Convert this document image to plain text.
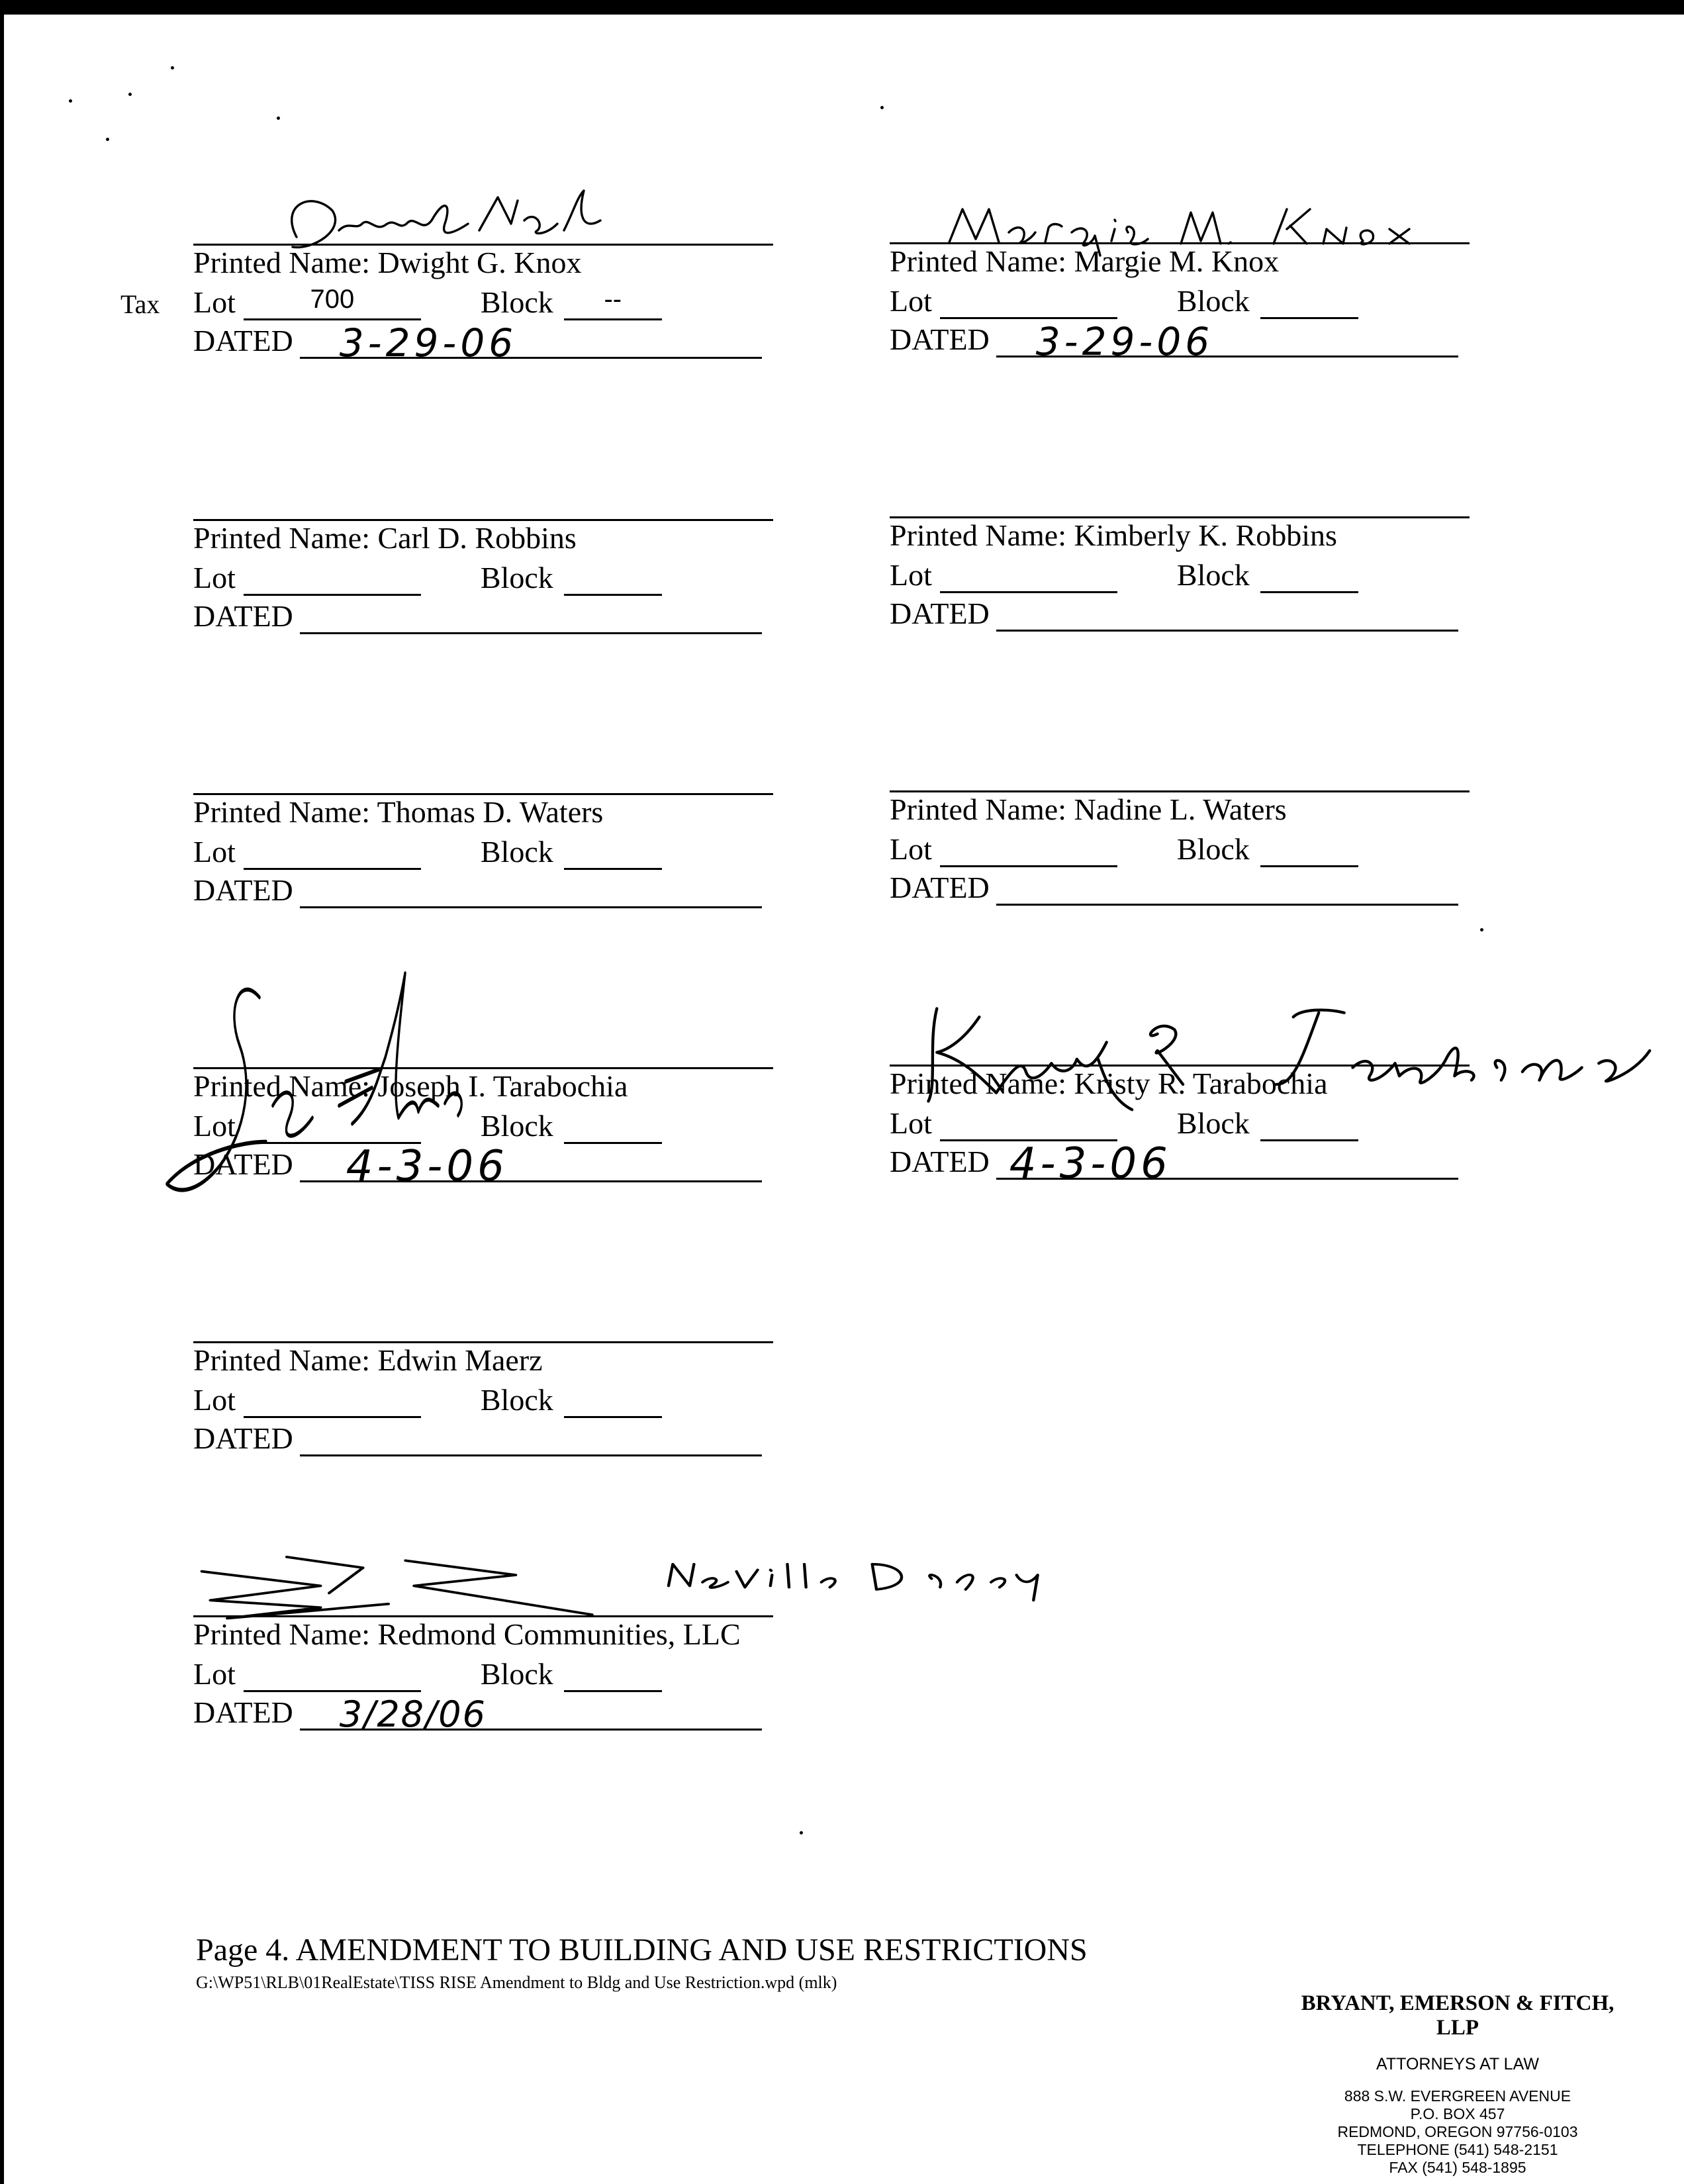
Tax
Printed Name: Dwight G. Knox
Lot	700	Block	--
DATED 3-29-06
Printed Name: Margie M. Knox
Lot	Block
DATED 3-29-06
Printed Name: Carl D. Robbins
Lot	Block
DATED
Printed Name: Kimberly K. Robbins
Lot	Block
DATED
Printed Name: Thomas D. Waters
Lot	Block
DATED
Printed Name: Nadine L. Waters
Lot	Block
DATED
Printed Name: Joseph I. Tarabochia
Lot	Block
DATED 4-3-06
Printed Name: Kristy R. Tarabochia
Lot	Block
DATED 4-3-06
Printed Name: Edwin Maerz
Lot	Block
DATED
Printed Name: Redmond Communities, LLC
Lot	Block
DATED 3/28/06
Page 4. AMENDMENT TO BUILDING AND USE RESTRICTIONS
G:\WP51\RLB\01RealEstate\TISS RISE Amendment to Bldg and Use Restriction.wpd (mlk)
BRYANT, EMERSON & FITCH, LLP
ATTORNEYS AT LAW
888 S.W. EVERGREEN AVENUE
P.O. BOX 457
REDMOND, OREGON 97756-0103
TELEPHONE (541) 548-2151
FAX (541) 548-1895
